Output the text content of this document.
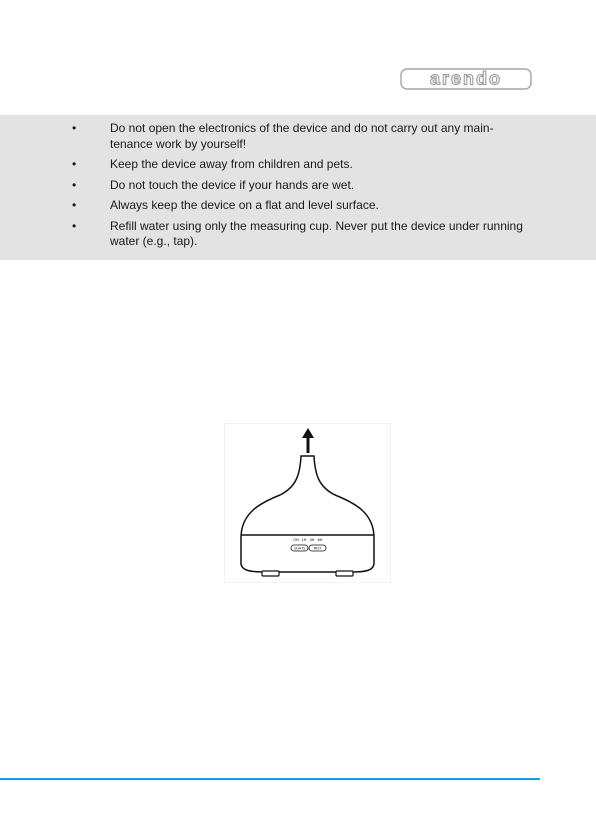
arendo
•	Do not open the electronics of the device and do not carry out any main-tenance work by yourself!
•	Keep the device away from children and pets.
•	Do not touch the device if your hands are wet.
•	Always keep the device on a flat and level surface.
•	Refill water using only the measuring cup. Never put the device under running water (e.g., tap).
ON 1H 3H 6H
LIGHTS	MIST
